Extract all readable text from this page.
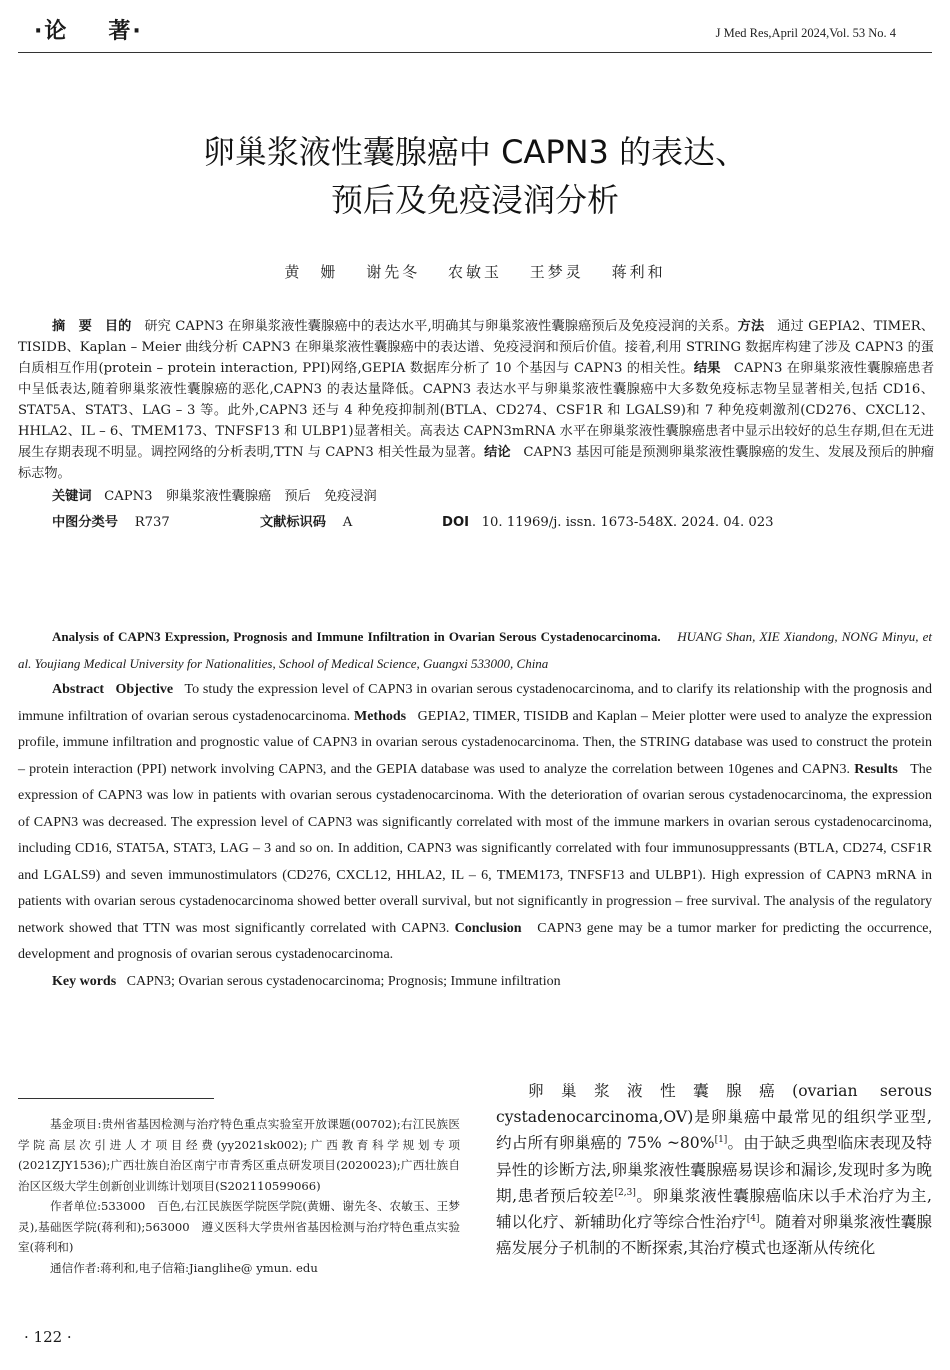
·论 著·	J Med Res,April 2024,Vol. 53 No. 4
卵巢浆液性囊腺癌中 CAPN3 的表达、
预后及免疫浸润分析
黄　姗 谢先冬 农敏玉 王梦灵 蒋利和

摘　要 目的 研究 CAPN3 在卵巢浆液性囊腺癌中的表达水平,明确其与卵巢浆液性囊腺癌预后及免疫浸润的关系。方法 通过 GEPIA2、TIMER、TISIDB、Kaplan – Meier 曲线分析 CAPN3 在卵巢浆液性囊腺癌中的表达谱、免疫浸润和预后价值。接着,利用 STRING 数据库构建了涉及 CAPN3 的蛋白质相互作用(protein – protein interaction, PPI)网络,GEPIA 数据库分析了 10 个基因与 CAPN3 的相关性。结果 CAPN3 在卵巢浆液性囊腺癌患者中呈低表达,随着卵巢浆液性囊腺癌的恶化,CAPN3 的表达量降低。CAPN3 表达水平与卵巢浆液性囊腺癌中大多数免疫标志物呈显著相关,包括 CD16、STAT5A、STAT3、LAG – 3 等。此外,CAPN3 还与 4 种免疫抑制剂(BTLA、CD274、CSF1R 和 LGALS9)和 7 种免疫刺激剂(CD276、CXCL12、HHLA2、IL – 6、TMEM173、TNFSF13 和 ULBP1)显著相关。高表达 CAPN3mRNA 水平在卵巢浆液性囊腺癌患者中显示出较好的总生存期,但在无进展生存期表现不明显。调控网络的分析表明,TTN 与 CAPN3 相关性最为显著。结论 CAPN3 基因可能是预测卵巢浆液性囊腺癌的发生、发展及预后的肿瘤标志物。

关键词 CAPN3　卵巢浆液性囊腺癌　预后　免疫浸润

中图分类号 R737	文献标识码 A	DOI 10. 11969/j. issn. 1673-548X. 2024. 04. 023

Analysis of CAPN3 Expression, Prognosis and Immune Infiltration in Ovarian Serous Cystadenocarcinoma. HUANG Shan, XIE Xiandong, NONG Minyu, et al. Youjiang Medical University for Nationalities, School of Medical Science, Guangxi 533000, China

Abstract Objective To study the expression level of CAPN3 in ovarian serous cystadenocarcinoma, and to clarify its relationship with the prognosis and immune infiltration of ovarian serous cystadenocarcinoma. Methods GEPIA2, TIMER, TISIDB and Kaplan – Meier plotter were used to analyze the expression profile, immune infiltration and prognostic value of CAPN3 in ovarian serous cystadenocarcinoma. Then, the STRING database was used to construct the protein – protein interaction (PPI) network involving CAPN3, and the GEPIA database was used to analyze the correlation between 10genes and CAPN3. Results The expression of CAPN3 was low in patients with ovarian serous cystadenocarcinoma. With the deterioration of ovarian serous cystadenocarcinoma, the expression of CAPN3 was decreased. The expression level of CAPN3 was significantly correlated with most of the immune markers in ovarian serous cystadenocarcinoma, including CD16, STAT5A, STAT3, LAG – 3 and so on. In addition, CAPN3 was significantly correlated with four immunosuppressants (BTLA, CD274, CSF1R and LGALS9) and seven immunostimulators (CD276, CXCL12, HHLA2, IL – 6, TMEM173, TNFSF13 and ULBP1). High expression of CAPN3 mRNA in patients with ovarian serous cystadenocarcinoma showed better overall survival, but not significantly in progression – free survival. The analysis of the regulatory network showed that TTN was most significantly correlated with CAPN3. Conclusion CAPN3 gene may be a tumor marker for predicting the occurrence, development and prognosis of ovarian serous cystadenocarcinoma.

Key words CAPN3; Ovarian serous cystadenocarcinoma; Prognosis; Immune infiltration

基金项目:贵州省基因检测与治疗特色重点实验室开放课题(00702);右江民族医学院高层次引进人才项目经费(yy2021sk002);广西教育科学规划专项(2021ZJY1536);广西壮族自治区南宁市青秀区重点研发项目(2020023);广西壮族自治区区级大学生创新创业训练计划项目(S202110599066)

作者单位:533000　百色,右江民族医学院医学院(黄姗、谢先冬、农敏玉、王梦灵),基础医学院(蒋利和);563000　遵义医科大学贵州省基因检测与治疗特色重点实验室(蒋利和)

通信作者:蒋利和,电子信箱:Jianglihe@ ymun. edu

卵巢浆液性囊腺癌(ovarian serous cystadenocarcinoma,OV)是卵巢癌中最常见的组织学亚型,约占所有卵巢癌的 75% ~80%[1]。由于缺乏典型临床表现及特异性的诊断方法,卵巢浆液性囊腺癌易误诊和漏诊,发现时多为晚期,患者预后较差[2,3]。卵巢浆液性囊腺癌临床以手术治疗为主,辅以化疗、新辅助化疗等综合性治疗[4]。随着对卵巢浆液性囊腺癌发展分子机制的不断探索,其治疗模式也逐渐从传统化

· 122 ·
